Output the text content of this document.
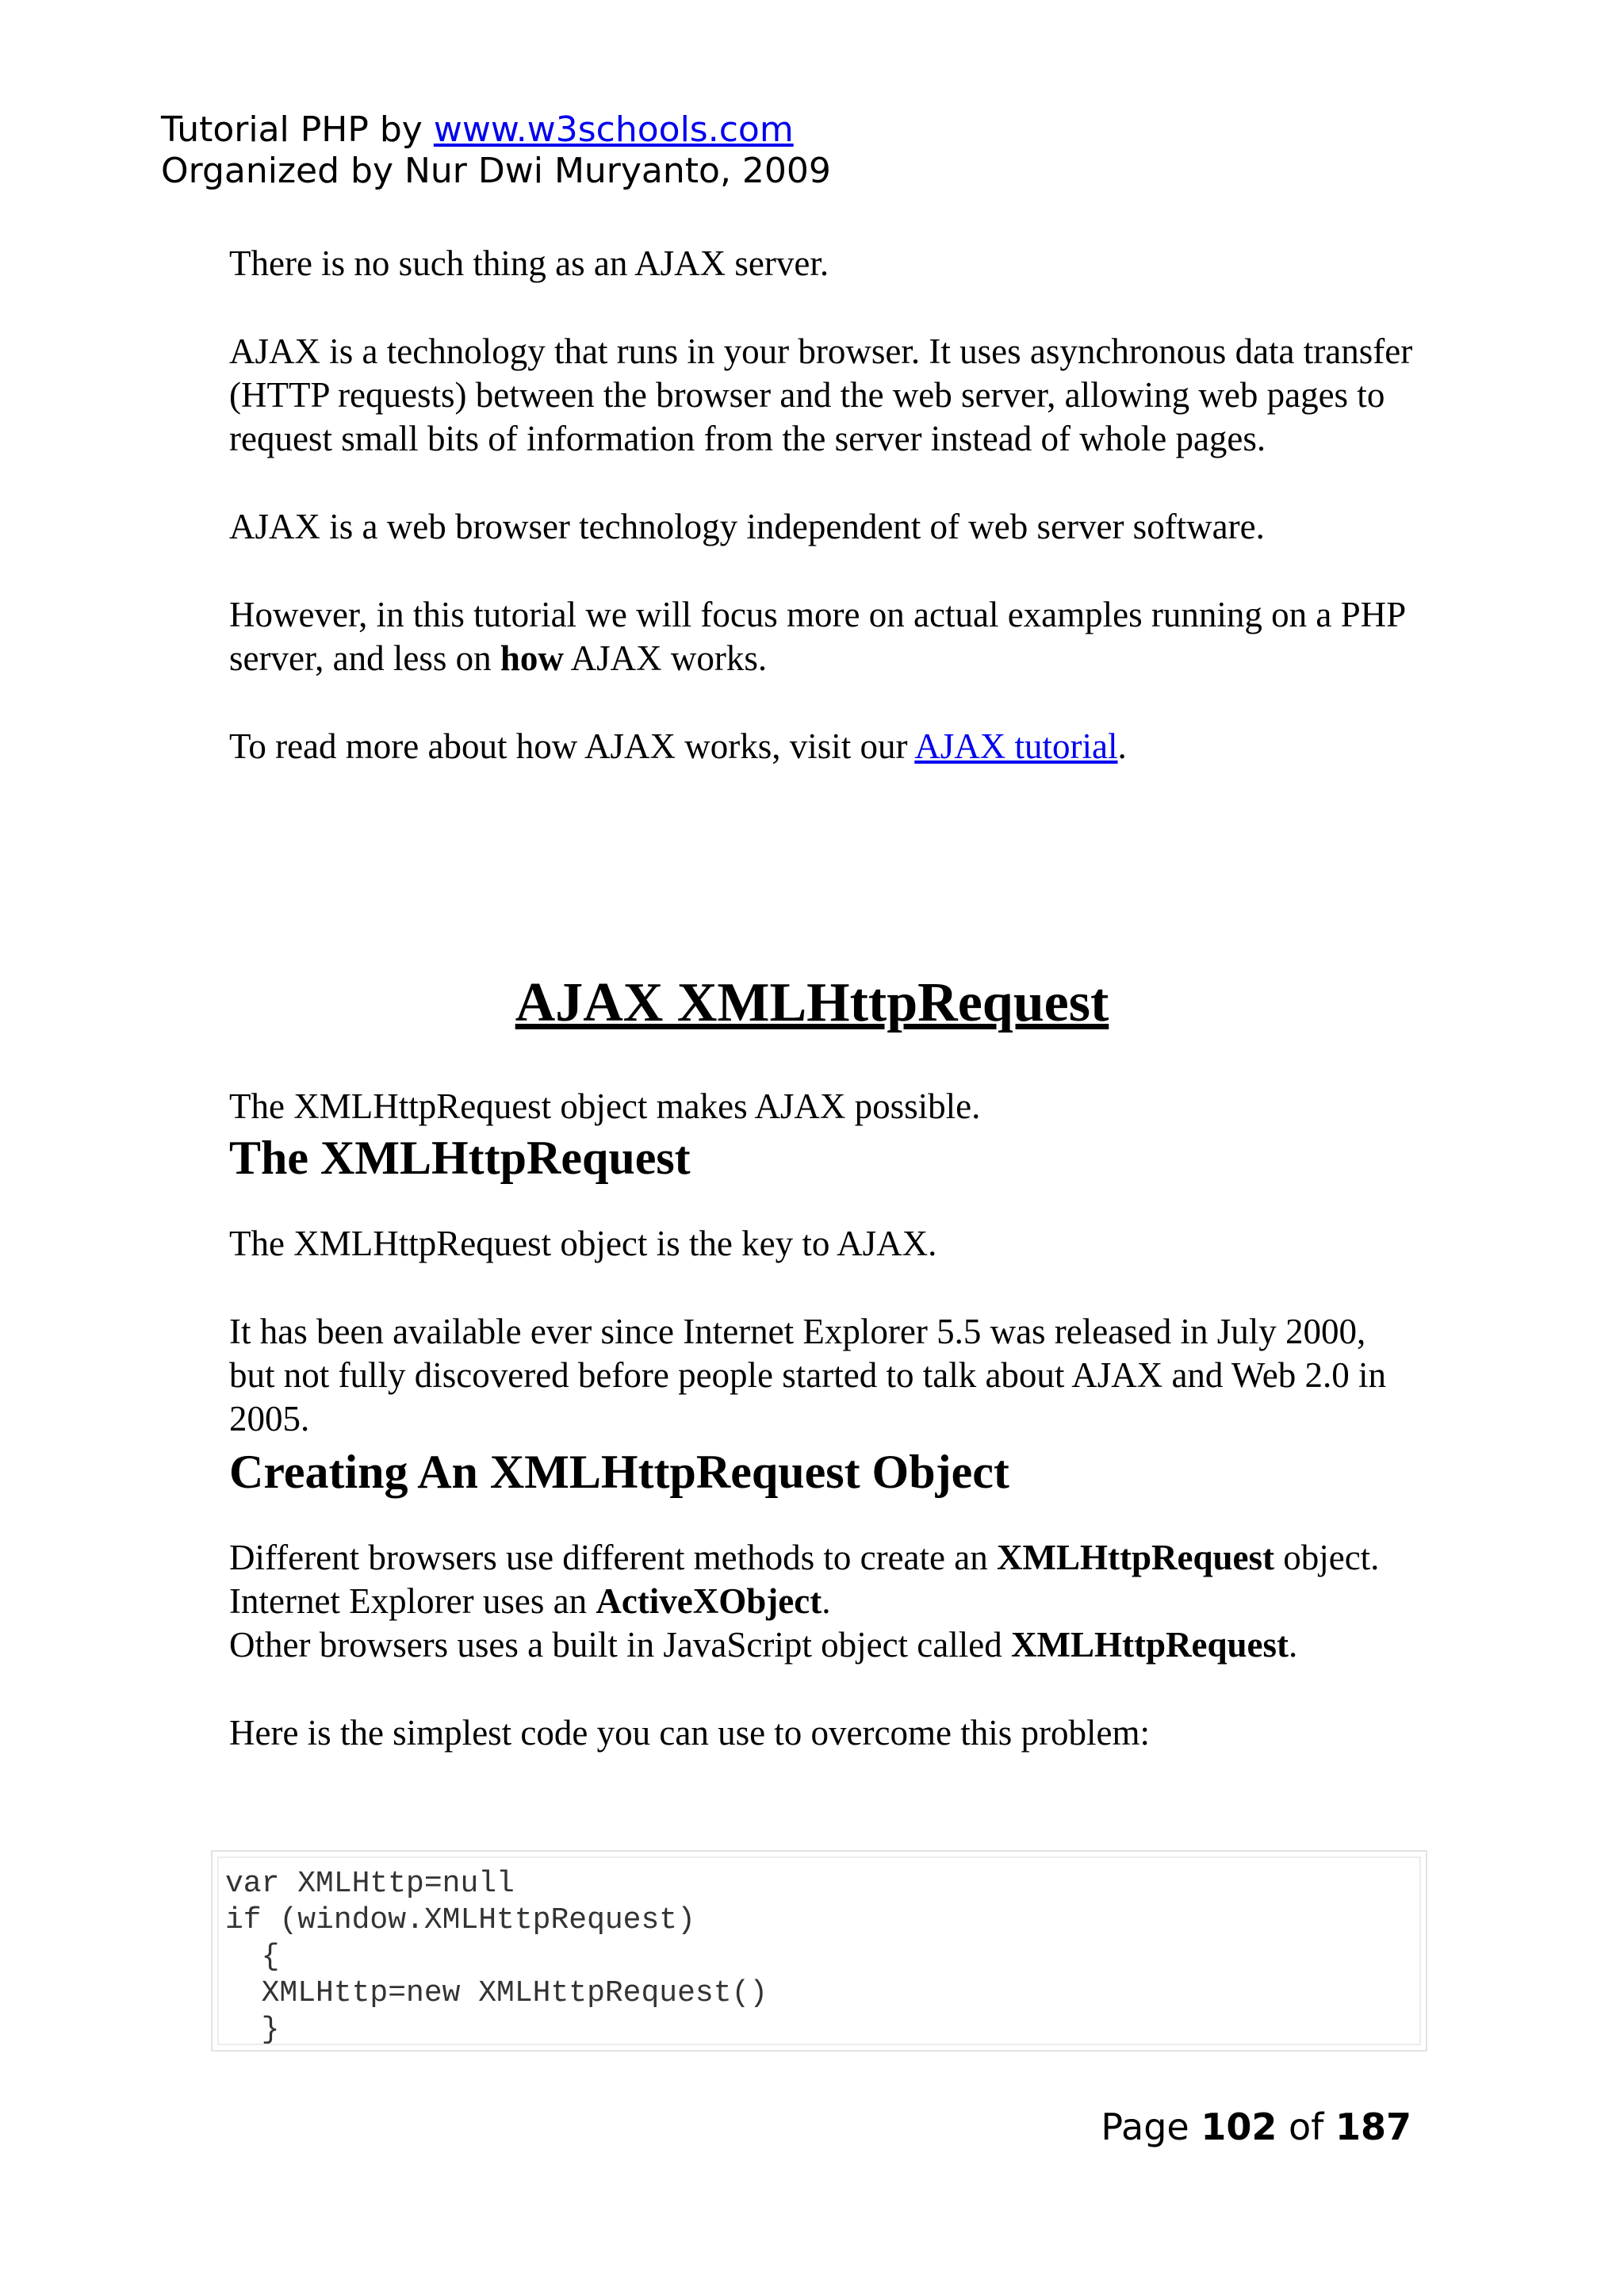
Tutorial PHP by www.w3schools.com
Organized by Nur Dwi Muryanto, 2009

There is no such thing as an AJAX server.

AJAX is a technology that runs in your browser. It uses asynchronous data transfer (HTTP requests) between the browser and the web server, allowing web pages to request small bits of information from the server instead of whole pages.

AJAX is a web browser technology independent of web server software.

However, in this tutorial we will focus more on actual examples running on a PHP server, and less on how AJAX works.

To read more about how AJAX works, visit our AJAX tutorial.

AJAX XMLHttpRequest

The XMLHttpRequest object makes AJAX possible.

The XMLHttpRequest

The XMLHttpRequest object is the key to AJAX.

It has been available ever since Internet Explorer 5.5 was released in July 2000, but not fully discovered before people started to talk about AJAX and Web 2.0 in 2005.

Creating An XMLHttpRequest Object

Different browsers use different methods to create an XMLHttpRequest object.

Internet Explorer uses an ActiveXObject.

Other browsers uses a built in JavaScript object called XMLHttpRequest.

Here is the simplest code you can use to overcome this problem:

var XMLHttp=null
if (window.XMLHttpRequest)
{
XMLHttp=new XMLHttpRequest()
}
Page 102 of 187
